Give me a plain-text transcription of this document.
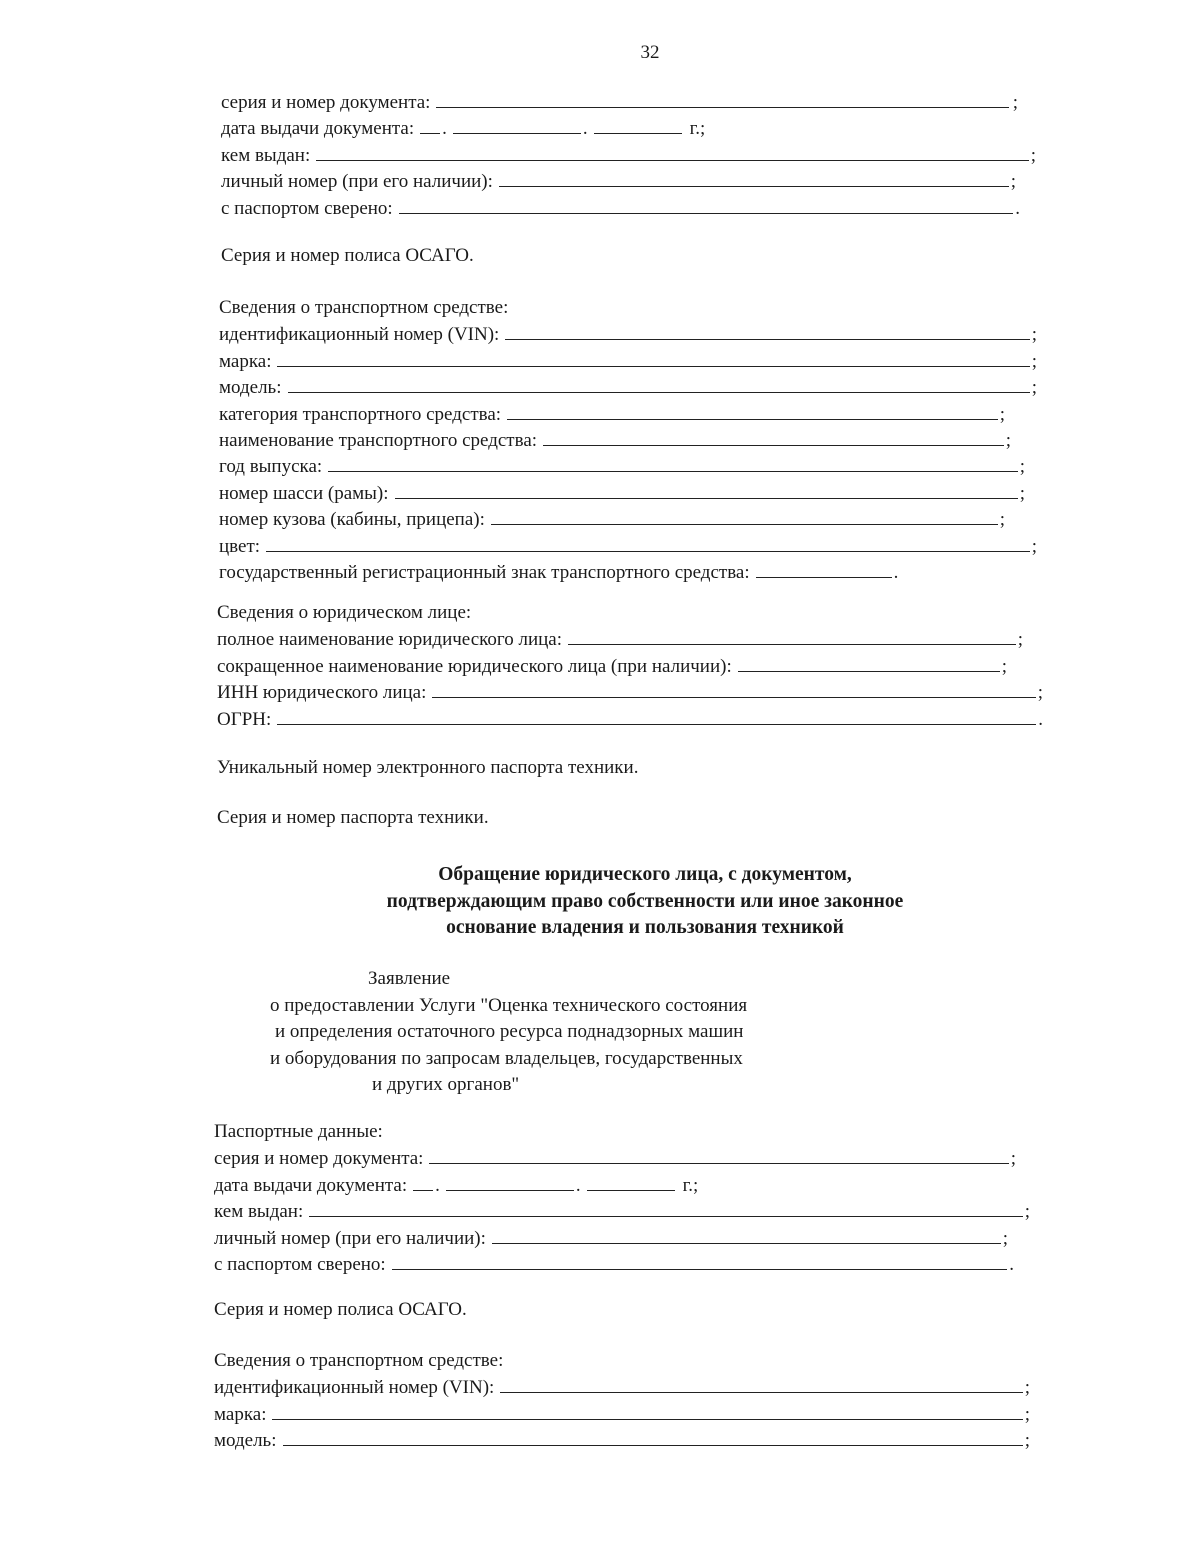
32
серия и номер документа:	;
дата выдачи документа: .	.	г.;
кем выдан:	;
личный номер (при его наличии):	;
с паспортом сверено:	.
Серия и номер полиса ОСАГО.
Сведения о транспортном средстве:
идентификационный номер (VIN):	;
марка:	;
модель:	;
категория транспортного средства:	;
наименование транспортного средства:	;
год выпуска:	;
номер шасси (рамы):	;
номер кузова (кабины, прицепа):	;
цвет:	;
государственный регистрационный знак транспортного средства:	.
Сведения о юридическом лице:
полное наименование юридического лица:	;
сокращенное наименование юридического лица (при наличии):	;
ИНН юридического лица:	;
ОГРН:	.
Уникальный номер электронного паспорта техники.
Серия и номер паспорта техники.
Обращение юридического лица, с документом,
подтверждающим право собственности или иное законное
основание владения и пользования техникой
Заявление
о предоставлении Услуги "Оценка технического состояния
и определения остаточного ресурса поднадзорных машин
и оборудования по запросам владельцев, государственных
и других органов"
Паспортные данные:
серия и номер документа:	;
дата выдачи документа: .	.	г.;
кем выдан:	;
личный номер (при его наличии):	;
с паспортом сверено:	.
Серия и номер полиса ОСАГО.
Сведения о транспортном средстве:
идентификационный номер (VIN):	;
марка:	;
модель:	;
